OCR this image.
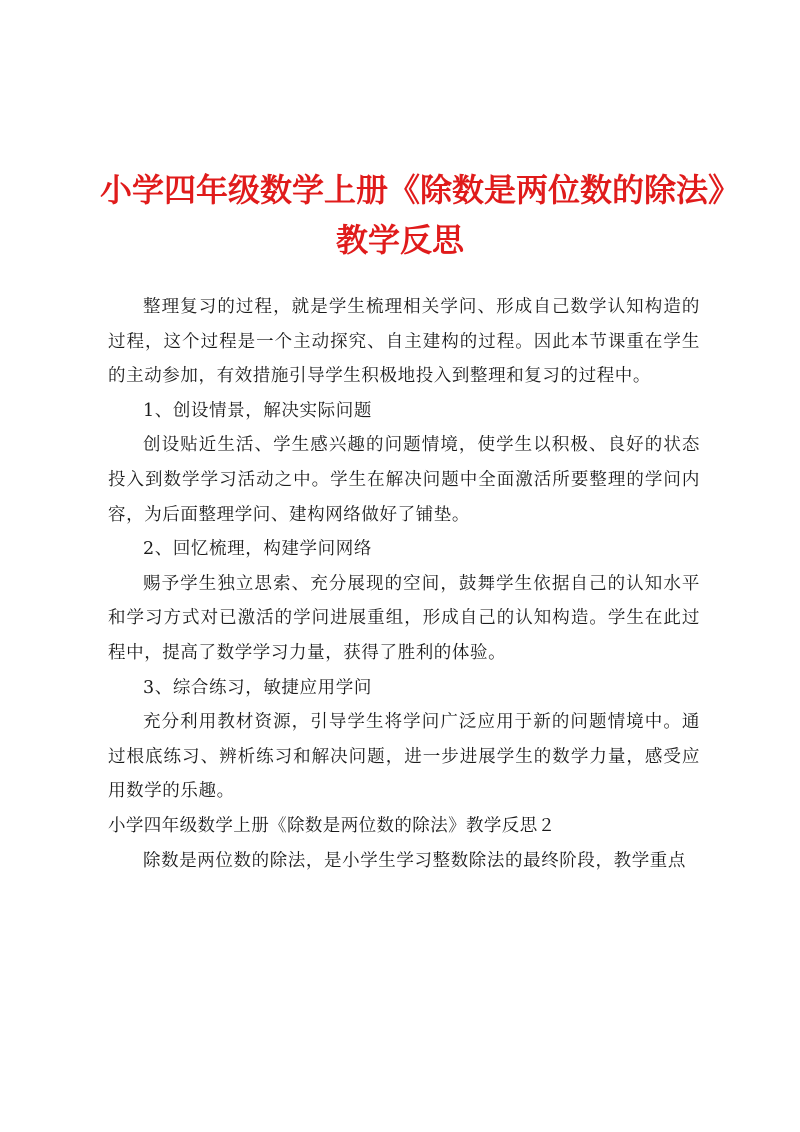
小学四年级数学上册《除数是两位数的除法》
教学反思

整理复习的过程，就是学生梳理相关学问、形成自己数学认知构造的过程，这个过程是一个主动探究、自主建构的过程。因此本节课重在学生的主动参加，有效措施引导学生积极地投入到整理和复习的过程中。

1、创设情景，解决实际问题

创设贴近生活、学生感兴趣的问题情境，使学生以积极、良好的状态投入到数学学习活动之中。学生在解决问题中全面激活所要整理的学问内容，为后面整理学问、建构网络做好了铺垫。

2、回忆梳理，构建学问网络

赐予学生独立思索、充分展现的空间，鼓舞学生依据自己的认知水平和学习方式对已激活的学问进展重组，形成自己的认知构造。学生在此过程中，提高了数学学习力量，获得了胜利的体验。

3、综合练习，敏捷应用学问

充分利用教材资源，引导学生将学问广泛应用于新的问题情境中。通过根底练习、辨析练习和解决问题，进一步进展学生的数学力量，感受应用数学的乐趣。

小学四年级数学上册《除数是两位数的除法》教学反思２

除数是两位数的除法，是小学生学习整数除法的最终阶段，教学重点
